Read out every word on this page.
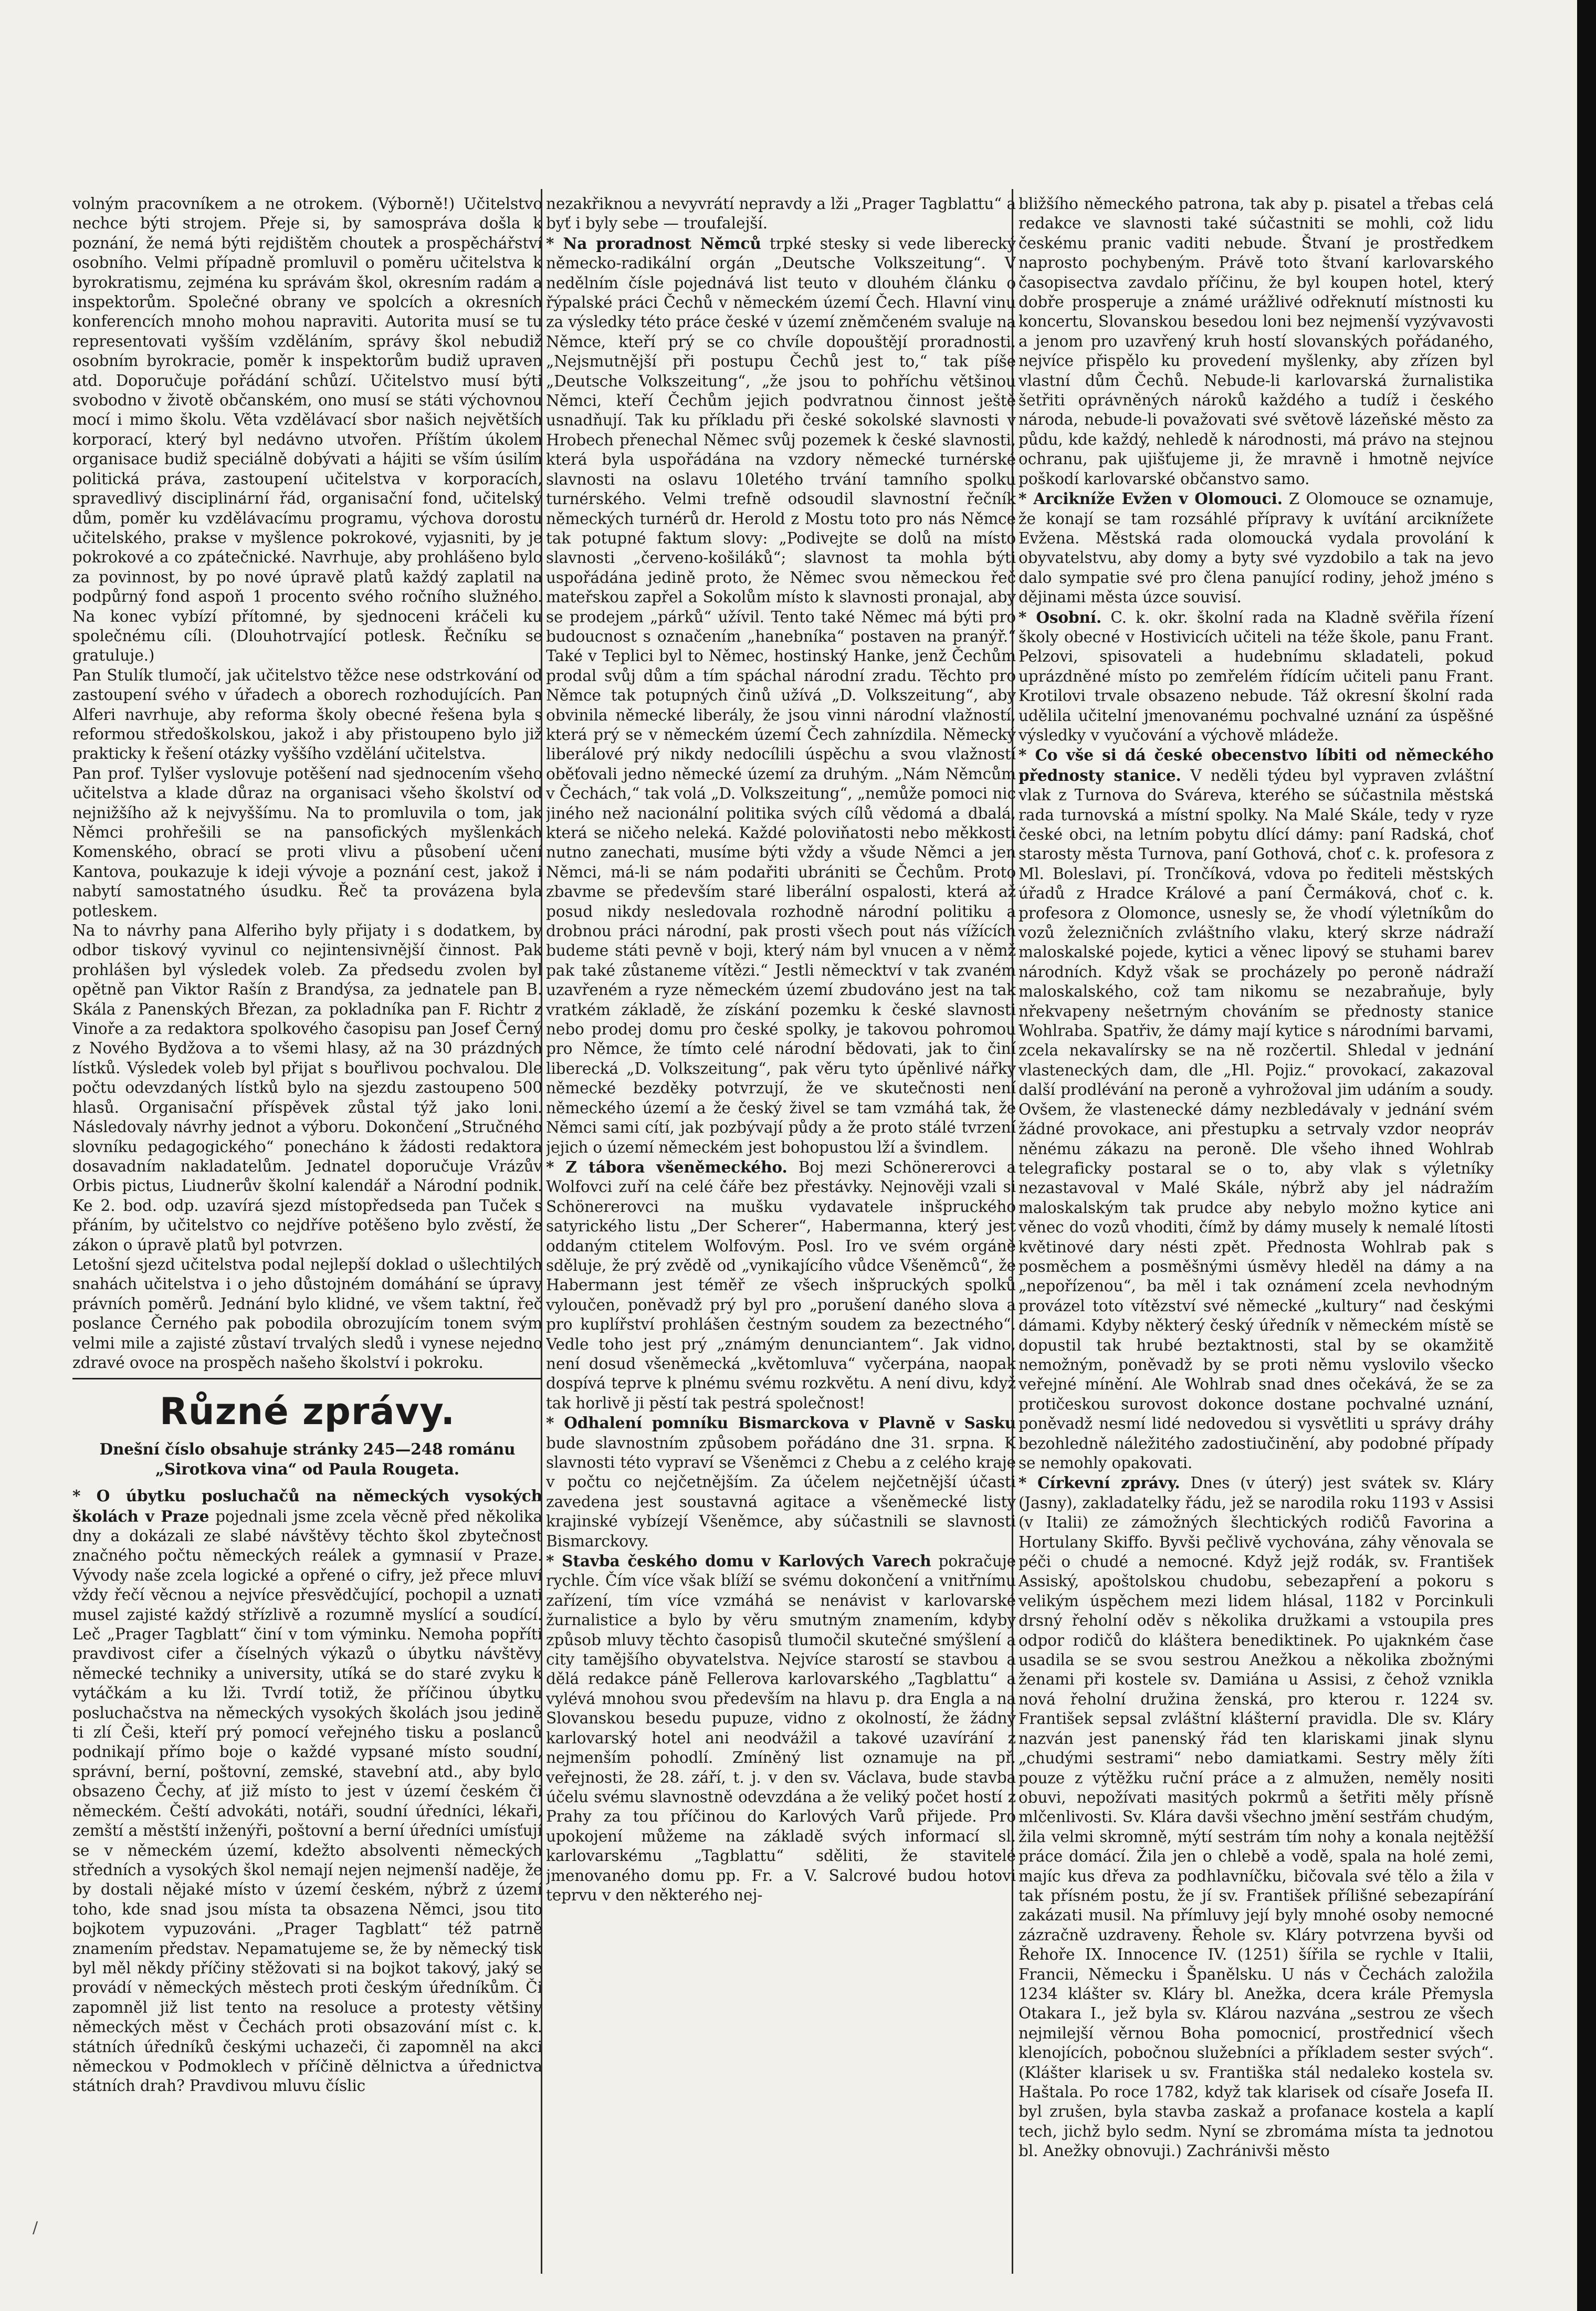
volným pracovníkem a ne otrokem. (Výborně!) Učitelstvo nechce býti strojem. Přeje si, by samospráva došla k poznání, že nemá býti rejdištěm choutek a prospěchářství osobního. Velmi případně promluvil o poměru učitelstva k byrokratismu, zejména ku správám škol, okresním radám a inspektorům. Společné obrany ve spolcích a okresních konferencích mnoho mohou napraviti. Autorita musí se tu representovati vyšším vzděláním, správy škol nebudiž osobním byrokracie, poměr k inspektorům budiž upraven atd. Doporučuje pořádání schůzí. Učitelstvo musí býti svobodno v životě občanském, ono musí se státi výchovnou mocí i mimo školu. Věta vzdělávací sbor našich největších korporací, který byl nedávno utvořen. Příštím úkolem organisace budiž speciálně dobývati a hájiti se vším úsilím politická práva, zastoupení učitelstva v korporacích, spravedlivý disciplinární řád, organisační fond, učitelský dům, poměr ku vzdělávacímu programu, výchova dorostu učitelského, prakse v myšlence pokrokové, vyjasniti, by je pokrokové a co zpátečnické. Navrhuje, aby prohlášeno bylo za povinnost, by po nové úpravě platů každý zaplatil na podpůrný fond aspoň 1 procento svého ročního služného. Na konec vybízí přítomné, by sjednoceni kráčeli ku společnému cíli. (Dlouhotrvající potlesk. Řečníku se gratuluje.)

Pan Stulík tlumočí, jak učitelstvo těžce nese odstrkování od zastoupení svého v úřadech a oborech rozhodujících. Pan Alferi navrhuje, aby reforma školy obecné řešena byla s reformou středoškolskou, jakož i aby přistoupeno bylo již prakticky k řešení otázky vyššího vzdělání učitelstva.

Pan prof. Tylšer vyslovuje potěšení nad sjednocením všeho učitelstva a klade důraz na organisaci všeho školství od nejnižšího až k nejvyššímu. Na to promluvila o tom, jak Němci prohřešili se na pansofických myšlenkách Komenského, obrací se proti vlivu a působení učení Kantova, poukazuje k ideji vývoje a poznání cest, jakož i nabytí samostatného úsudku. Řeč ta provázena byla potleskem.

Na to návrhy pana Alferiho byly přijaty i s dodatkem, by odbor tiskový vyvinul co nejintensivnější činnost. Pak prohlášen byl výsledek voleb. Za předsedu zvolen byl opětně pan Viktor Rašín z Brandýsa, za jednatele pan B. Skála z Panenských Březan, za pokladníka pan F. Richtr z Vinoře a za redaktora spolkového časopisu pan Josef Černý z Nového Bydžova a to všemi hlasy, až na 30 prázdných lístků. Výsledek voleb byl přijat s bouřlivou pochvalou. Dle počtu odevzdaných lístků bylo na sjezdu zastoupeno 500 hlasů. Organisační příspěvek zůstal týž jako loni. Následovaly návrhy jednot a výboru. Dokončení „Stručného slovníku pedagogického“ ponecháno k žádosti redaktora dosavadním nakladatelům. Jednatel doporučuje Vrázův Orbis pictus, Liudnerův školní kalendář a Národní podnik. Ke 2. bod. odp. uzavírá sjezd místopředseda pan Tuček s přáním, by učitelstvo co nejdříve potěšeno bylo zvěstí, že zákon o úpravě platů byl potvrzen.

Letošní sjezd učitelstva podal nejlepší doklad o ušlechtilých snahách učitelstva i o jeho důstojném domáhání se úpravy právních poměrů. Jednání bylo klidné, ve všem taktní, řeč poslance Černého pak pobodila obrozujícím tonem svým velmi mile a zajisté zůstaví trvalých sledů i vynese nejedno zdravé ovoce na prospěch našeho školství i pokroku.

Různé zprávy.

Dnešní číslo obsahuje stránky 245—248 románu „Sirotkova vina“ od Paula Rougeta.

* O úbytku posluchačů na německých vysokých školách v Praze pojednali jsme zcela věcně před několika dny a dokázali ze slabé návštěvy těchto škol zbytečnost značného počtu německých reálek a gymnasií v Praze. Vývody naše zcela logické a opřené o cifry, jež přece mluví vždy řečí věcnou a nejvíce přesvědčující, pochopil a uznati musel zajisté každý střízlivě a rozumně myslící a soudící. Leč „Prager Tagblatt“ činí v tom výminku. Nemoha popříti pravdivost cifer a číselných výkazů o úbytku návštěvy německé techniky a university, utíká se do staré zvyku k vytáčkám a ku lži. Tvrdí totiž, že příčinou úbytku posluchačstva na německých vysokých školách jsou jedině ti zlí Češi, kteří prý pomocí veřejného tisku a poslanců podnikají přímo boje o každé vypsané místo soudní, správní, berní, poštovní, zemské, stavební atd., aby bylo obsazeno Čechy, ať již místo to jest v území českém či německém. Čeští advokáti, notáři, soudní úředníci, lékaři, zemští a městští inženýři, poštovní a berní úředníci umísťují se v německém území, kdežto absolventi německých středních a vysokých škol nemají nejen nejmenší naděje, že by dostali nějaké místo v území českém, nýbrž z území toho, kde snad jsou místa ta obsazena Němci, jsou tito bojkotem vypuzováni. „Prager Tagblatt“ též patrně znamením představ. Nepamatujeme se, že by německý tisk byl měl někdy příčiny stěžovati si na bojkot takový, jaký se provádí v německých městech proti českým úředníkům. Či zapomněl již list tento na resoluce a protesty většiny německých měst v Čechách proti obsazování míst c. k. státních úředníků českými uchazeči, či zapomněl na akci německou v Podmoklech v příčině dělnictva a úřednictva státních drah? Pravdivou mluvu číslic

nezakřiknou a nevyvrátí nepravdy a lži „Prager Tagblattu“ a byť i byly sebe — troufalejší.

* Na proradnost Němců trpké stesky si vede liberecký německo-radikální orgán „Deutsche Volkszeitung“. V nedělním čísle pojednává list teuto v dlouhém článku o řýpalské práci Čechů v německém území Čech. Hlavní vinu za výsledky této práce české v území zněmčeném svaluje na Němce, kteří prý se co chvíle dopouštějí proradnosti. „Nejsmutnější při postupu Čechů jest to,“ tak píše „Deutsche Volkszeitung“, „že jsou to pohříchu většinou Němci, kteří Čechům jejich podvratnou činnost ještě usnadňují. Tak ku příkladu při české sokolské slavnosti v Hrobech přenechal Němec svůj pozemek k české slavnosti, která byla uspořádána na vzdory německé turnérské slavnosti na oslavu 10letého trvání tamního spolku turnérského. Velmi trefně odsoudil slavnostní řečník německých turnérů dr. Herold z Mostu toto pro nás Němce tak potupné faktum slovy: „Podivejte se dolů na místo slavnosti „červeno-košiláků“; slavnost ta mohla býti uspořádána jedině proto, že Němec svou německou řeč mateřskou zapřel a Sokolům místo k slavnosti pronajal, aby se prodejem „párků“ užívil. Tento také Němec má býti pro budoucnost s označením „hanebníka“ postaven na pranýř.“ Také v Teplici byl to Němec, hostinský Hanke, jenž Čechům prodal svůj dům a tím spáchal národní zradu. Těchto pro Němce tak potupných činů užívá „D. Volkszeitung“, aby obvinila německé liberály, že jsou vinni národní vlažností, která prý se v německém území Čech zahnízdila. Německý liberálové prý nikdy nedocílili úspěchu a svou vlažností oběťovali jedno německé území za druhým. „Nám Němcům v Čechách,“ tak volá „D. Volkszeitung“, „nemůže pomoci nic jiného než nacionální politika svých cílů vědomá a dbalá, která se ničeho neleká. Každé poloviňatosti nebo měkkosti nutno zanechati, musíme býti vždy a všude Němci a jen Němci, má-li se nám podařiti ubrániti se Čechům. Proto zbavme se především staré liberální ospalosti, která až posud nikdy nesledovala rozhodně národní politiku a drobnou práci národní, pak prosti všech pout nás vížících budeme státi pevně v boji, který nám byl vnucen a v němž pak také zůstaneme vítězi.“ Jestli německtví v tak zvaném uzavřeném a ryze německém území zbudováno jest na tak vratkém základě, že získání pozemku k české slavnosti nebo prodej domu pro české spolky, je takovou pohromou pro Němce, že tímto celé národní bědovati, jak to činí liberecká „D. Volkszeitung“, pak věru tyto úpěnlivé nářky německé bezděky potvrzují, že ve skutečnosti není německého území a že český živel se tam vzmáhá tak, že Němci sami cítí, jak pozbývají půdy a že proto stálé tvrzení jejich o území německém jest bohopustou lží a švindlem.

* Z tábora všeněmeckého. Boj mezi Schönererovci a Wolfovci zuří na celé čáře bez přestávky. Nejnověji vzali si Schönererovci na mušku vydavatele inšpruckého satyrického listu „Der Scherer“, Habermanna, který jest oddaným ctitelem Wolfovým. Posl. Iro ve svém orgáně sděluje, že prý zvědě od „vynikajícího vůdce Všeněmců“, že Habermann jest téměř ze všech inšpruckých spolků vyloučen, poněvadž prý byl pro „porušení daného slova a pro kuplířství prohlášen čestným soudem za bezectného“. Vedle toho jest prý „známým denunciantem“. Jak vidno, není dosud všeněmecká „květomluva“ vyčerpána, naopak dospívá teprve k plnému svému rozkvětu. A není divu, když tak horlivě ji pěstí tak pestrá společnost!

* Odhalení pomníku Bismarckova v Plavně v Sasku bude slavnostním způsobem pořádáno dne 31. srpna. K slavnosti této vypraví se Všeněmci z Chebu a z celého kraje v počtu co nejčetnějším. Za účelem nejčetnější účasti zavedena jest soustavná agitace a všeněmecké listy krajinské vybízejí Všeněmce, aby súčastnili se slavnosti Bismarckovy.

* Stavba českého domu v Karlových Varech pokračuje rychle. Čím více však blíží se svému dokončení a vnitřnímu zařízení, tím více vzmáhá se nenávist v karlovarské žurnalistice a bylo by věru smutným znamením, kdyby způsob mluvy těchto časopisů tlumočil skutečné smýšlení a city tamějšího obyvatelstva. Nejvíce starostí se stavbou a dělá redakce páně Fellerova karlovarského „Tagblattu“ a vylévá mnohou svou především na hlavu p. dra Engla a na Slovanskou besedu pupuze, vidno z okolností, že žádný karlovarský hotel ani neodvážil a takové uzavírání z nejmenším pohodlí. Zmíněný list oznamuje na př. veřejnosti, že 28. září, t. j. v den sv. Václava, bude stavba účelu svému slavnostně odevzdána a že veliký počet hostí z Prahy za tou příčinou do Karlových Varů přijede. Pro upokojení můžeme na základě svých informací sl. karlovarskému „Tagblattu“ sděliti, že stavitelé jmenovaného domu pp. Fr. a V. Salcrové budou hotovi teprvu v den některého nej-

bližšího německého patrona, tak aby p. pisatel a třebas celá redakce ve slavnosti také súčastniti se mohli, což lidu českému pranic vaditi nebude. Štvaní je prostředkem naprosto pochybeným. Právě toto štvaní karlovarského časopisectva zavdalo příčinu, že byl koupen hotel, který dobře prosperuje a známé urážlivé odřeknutí místnosti ku koncertu, Slovanskou besedou loni bez nejmenší vyzývavosti a jenom pro uzavřený kruh hostí slovanských pořádaného, nejvíce přispělo ku provedení myšlenky, aby zřízen byl vlastní dům Čechů. Nebude-li karlovarská žurnalistika šetřiti oprávněných nároků každého a tudíž i českého národa, nebude-li považovati své světově lázeňské město za půdu, kde každý, nehledě k národnosti, má právo na stejnou ochranu, pak ujišťujeme ji, že mravně i hmotně nejvíce poškodí karlovarské občanstvo samo.

* Arcikníže Evžen v Olomouci. Z Olomouce se oznamuje, že konají se tam rozsáhlé přípravy k uvítání arciknížete Evžena. Městská rada olomoucká vydala provolání k obyvatelstvu, aby domy a byty své vyzdobilo a tak na jevo dalo sympatie své pro člena panující rodiny, jehož jméno s dějinami města úzce souvisí.

* Osobní. C. k. okr. školní rada na Kladně svěřila řízení školy obecné v Hostivicích učiteli na téže škole, panu Frant. Pelzovi, spisovateli a hudebnímu skladateli, pokud uprázdněné místo po zemřelém řídícím učiteli panu Frant. Krotilovi trvale obsazeno nebude. Táž okresní školní rada udělila učitelní jmenovanému pochvalné uznání za úspěšné výsledky v vyučování a výchově mládeže.

* Co vše si dá české obecenstvo líbiti od německého přednosty stanice. V neděli týdeu byl vypraven zvláštní vlak z Turnova do Sváreva, kterého se súčastnila městská rada turnovská a místní spolky. Na Malé Skále, tedy v ryze české obci, na letním pobytu dlící dámy: paní Radská, choť starosty města Turnova, paní Gothová, choť c. k. profesora z Ml. Boleslavi, pí. Trončíková, vdova po řediteli městských úřadů z Hradce Králové a paní Čermáková, choť c. k. profesora z Olomonce, usnesly se, že vhodí výletníkům do vozů železničních zvláštního vlaku, který skrze nádraží maloskalské pojede, kytici a věnec lipový se stuhami barev národních. Když však se procházely po peroně nádraží maloskalského, což tam nikomu se nezabraňuje, byly nřekvapeny nešetrným chováním se přednosty stanice Wohlraba. Spatřiv, že dámy mají kytice s národními barvami, zcela nekavalírsky se na ně rozčertil. Shledal v jednání vlasteneckých dam, dle „Hl. Pojiz.“ provokací, zakazoval další prodlévání na peroně a vyhrožoval jim udáním a soudy. Ovšem, že vlastenecké dámy nezbledávaly v jednání svém žádné provokace, ani přestupku a setrvaly vzdor neopráv něnému zákazu na peroně. Dle všeho ihned Wohlrab telegraficky postaral se o to, aby vlak s výletníky nezastavoval v Malé Skále, nýbrž aby jel nádražím maloskalským tak prudce aby nebylo možno kytice ani věnec do vozů vhoditi, čímž by dámy musely k nemalé lítosti květinové dary nésti zpět. Přednosta Wohlrab pak s posměchem a posměšnými úsměvy hleděl na dámy a na „nepořízenou“, ba měl i tak oznámení zcela nevhodným provázel toto vítězství své německé „kultury“ nad českými dámami. Kdyby některý český úředník v německém místě se dopustil tak hrubé beztaktnosti, stal by se okamžitě nemožným, poněvadž by se proti němu vyslovilo všecko veřejné mínění. Ale Wohlrab snad dnes očekává, že se za protičeskou surovost dokonce dostane pochvalné uznání, poněvadž nesmí lidé nedovedou si vysvětliti u správy dráhy bezohledně náležitého zadostiučinění, aby podobné případy se nemohly opakovati.

* Církevní zprávy. Dnes (v úterý) jest svátek sv. Kláry (Jasny), zakladatelky řádu, jež se narodila roku 1193 v Assisi (v Italii) ze zámožných šlechtických rodičů Favorina a Hortulany Skiffo. Byvši pečlivě vychována, záhy věnovala se péči o chudé a nemocné. Když jejž rodák, sv. František Assiský, apoštolskou chudobu, sebezapření a pokoru s velikým úspěchem mezi lidem hlásal, 1182 v Porcinkuli drsný řeholní oděv s několika družkami a vstoupila pres odpor rodičů do kláštera benediktinek. Po ujaknkém čase usadila se se svou sestrou Anežkou a několika zbožnými ženami při kostele sv. Damiána u Assisi, z čehož vznikla nová řeholní družina ženská, pro kterou r. 1224 sv. František sepsal zvláštní klášterní pravidla. Dle sv. Kláry nazván jest panenský řád ten klariskami jinak slynu „chudými sestrami“ nebo damiatkami. Sestry měly žíti pouze z výtěžku ruční práce a z almužen, neměly nositi obuvi, nepožívati masitých pokrmů a šetřiti měly přísně mlčenlivosti. Sv. Klára davši všechno jmění sestřám chudým, žila velmi skromně, mýtí sestrám tím nohy a konala nejtěžší práce domácí. Žila jen o chlebě a vodě, spala na holé zemi, majíc kus dřeva za podhlavníčku, bičovala své tělo a žila v tak přísném postu, že jí sv. František přílišné sebezapírání zakázati musil. Na přímluvy její byly mnohé osoby nemocné zázračně uzdraveny. Řehole sv. Kláry potvrzena byvši od Řehoře IX. Innocence IV. (1251) šířila se rychle v Italii, Francii, Německu i Španělsku. U nás v Čechách založila 1234 klášter sv. Kláry bl. Anežka, dcera krále Přemysla Otakara I., jež byla sv. Klárou nazvána „sestrou ze všech nejmilejší věrnou Boha pomocnicí, prostřednicí všech klenojících, pobočnou služebníci a příkladem sester svých“. (Klášter klarisek u sv. Františka stál nedaleko kostela sv. Haštala. Po roce 1782, když tak klarisek od císaře Josefa II. byl zrušen, byla stavba zaskaž a profanace kostela a kaplí tech, jichž bylo sedm. Nyní se zbromáma místa ta jednotou bl. Anežky obnovuji.) Zachránivši město

/
